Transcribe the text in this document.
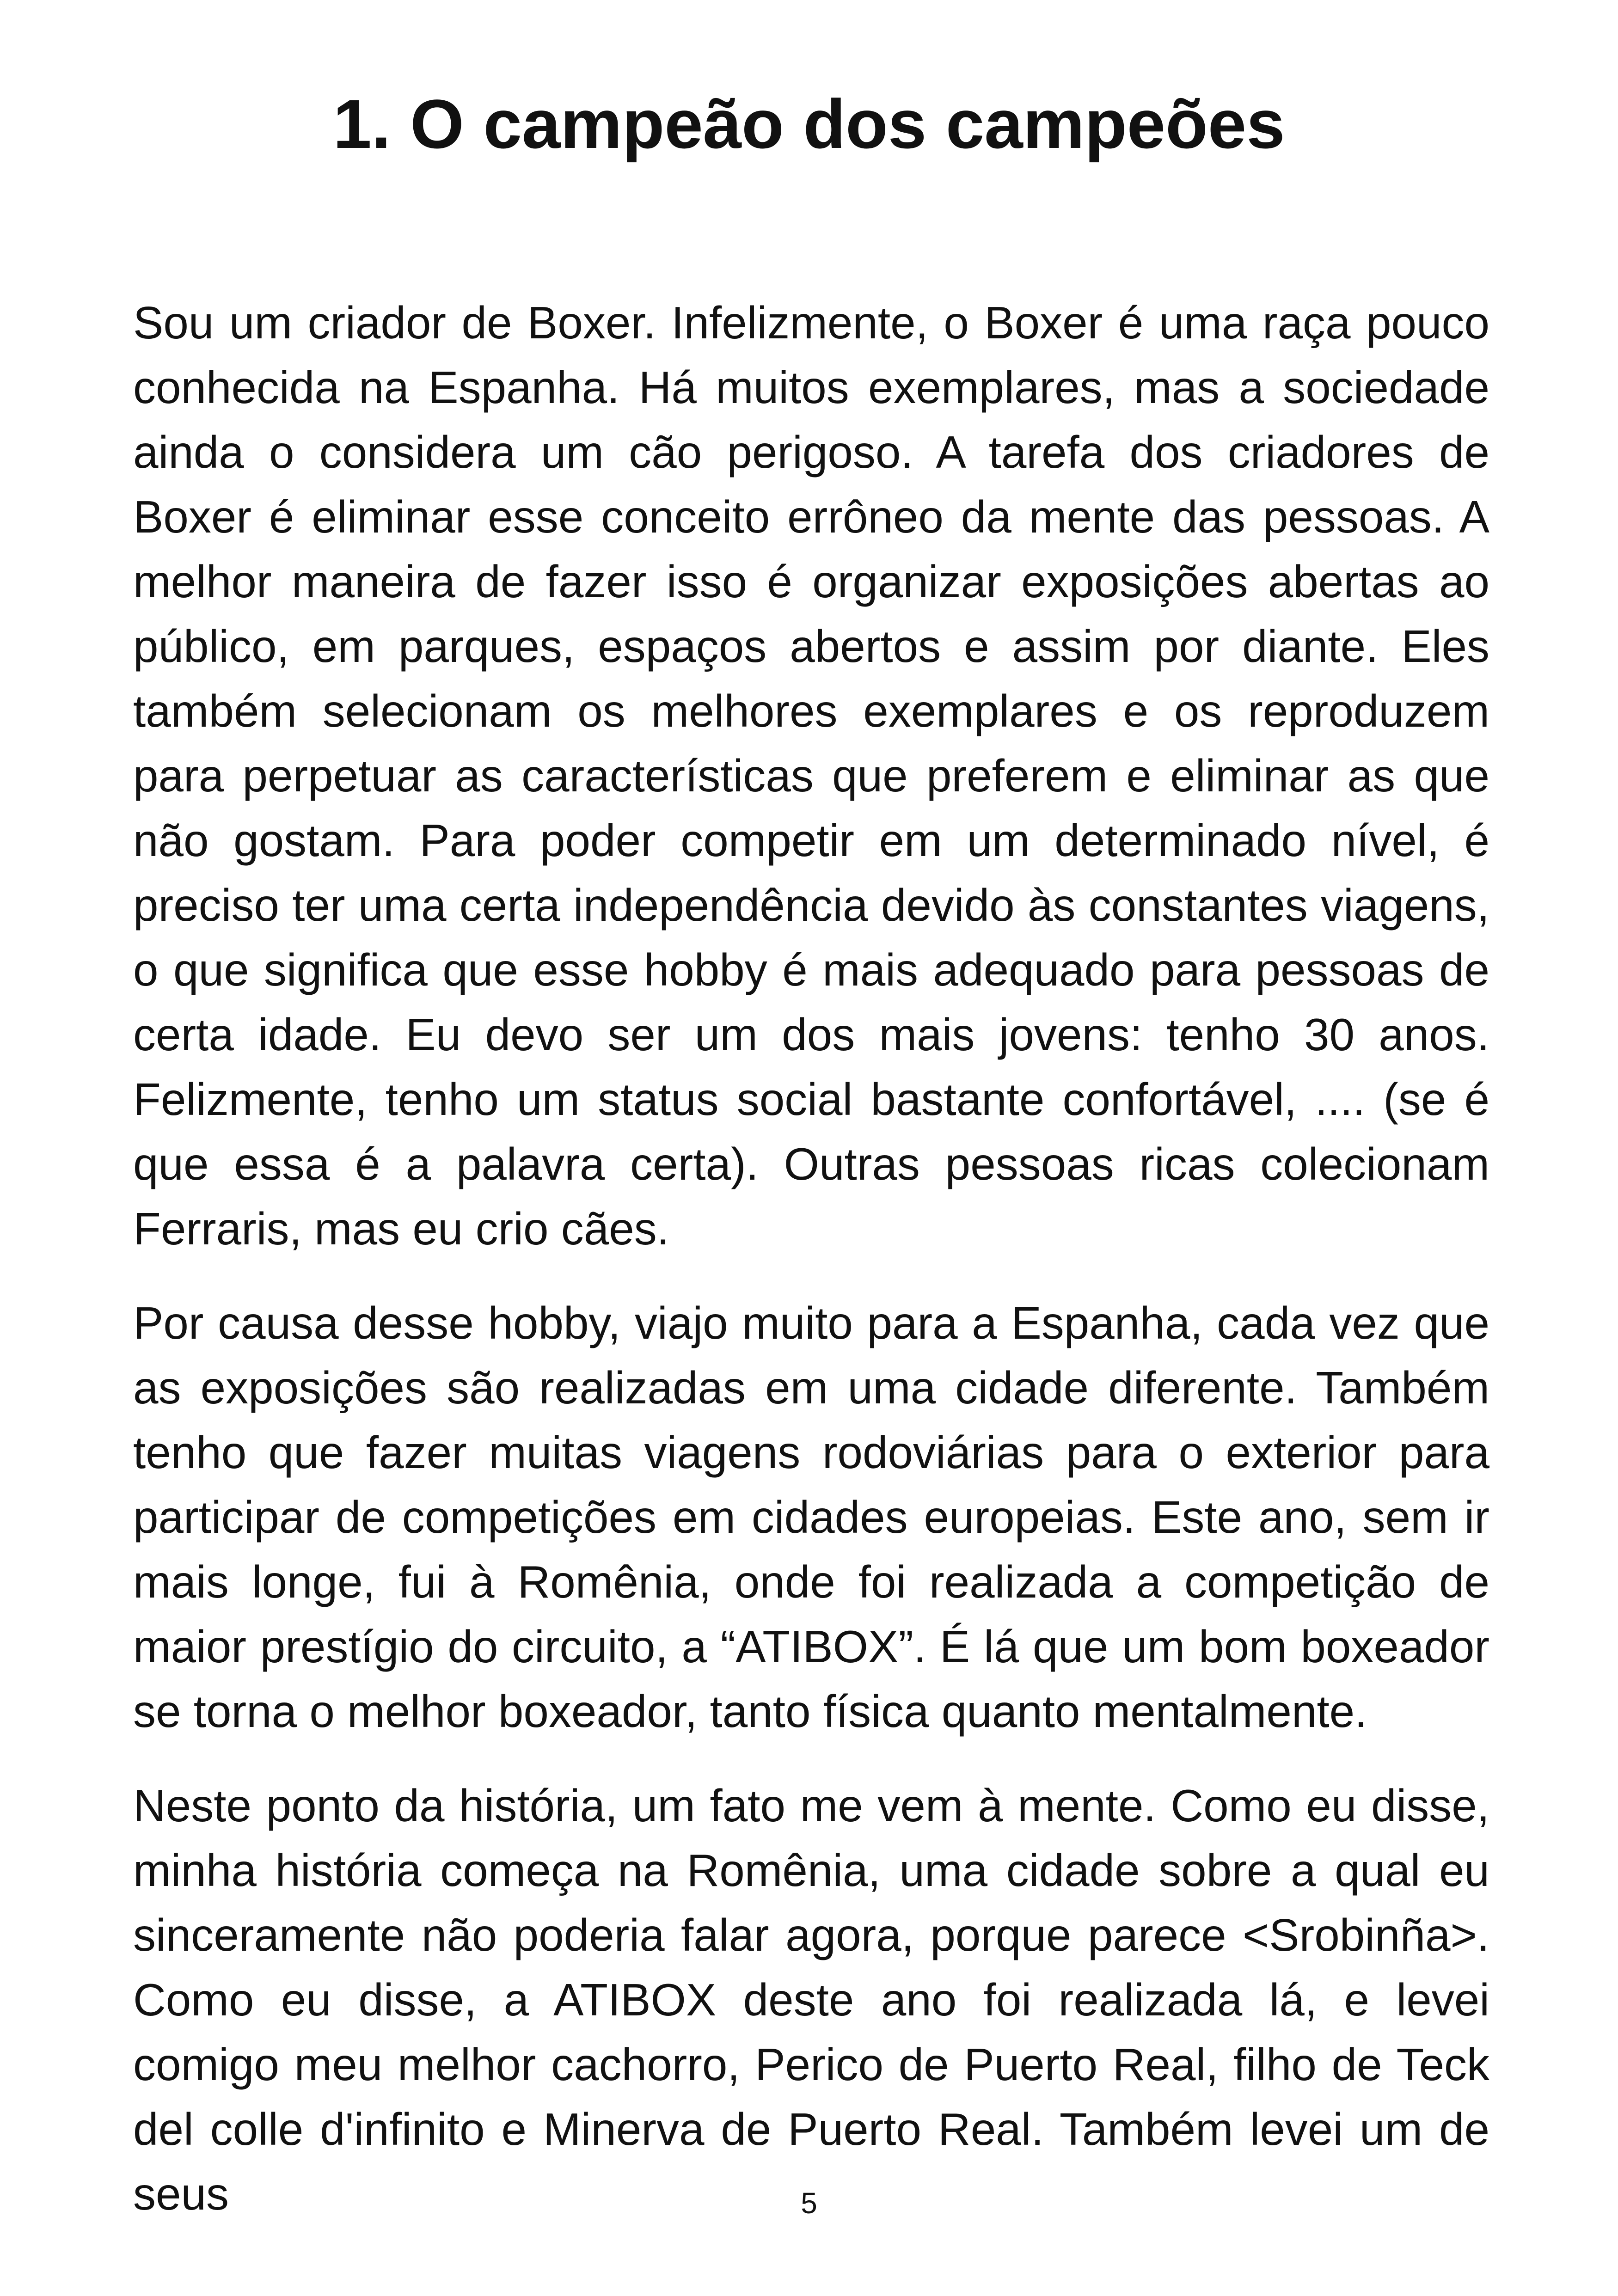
1. O campeão dos campeões

Sou um criador de Boxer. Infelizmente, o Boxer é uma raça pouco conhecida na Espanha. Há muitos exemplares, mas a sociedade ainda o considera um cão perigoso. A tarefa dos criadores de Boxer é eliminar esse conceito errôneo da mente das pessoas. A melhor maneira de fazer isso é organizar exposições abertas ao público, em parques, espaços abertos e assim por diante. Eles também selecionam os melhores exemplares e os reproduzem para perpetuar as características que preferem e eliminar as que não gostam. Para poder competir em um determinado nível, é preciso ter uma certa independência devido às constantes viagens, o que significa que esse hobby é mais adequado para pessoas de certa idade. Eu devo ser um dos mais jovens: tenho 30 anos. Felizmente, tenho um status social bastante confortável, .... (se é que essa é a palavra certa). Outras pessoas ricas colecionam Ferraris, mas eu crio cães.

Por causa desse hobby, viajo muito para a Espanha, cada vez que as exposições são realizadas em uma cidade diferente. Também tenho que fazer muitas viagens rodoviárias para o exterior para participar de competições em cidades europeias. Este ano, sem ir mais longe, fui à Romênia, onde foi realizada a competição de maior prestígio do circuito, a “ATIBOX”. É lá que um bom boxeador se torna o melhor boxeador, tanto física quanto mentalmente.

Neste ponto da história, um fato me vem à mente. Como eu disse, minha história começa na Romênia, uma cidade sobre a qual eu sinceramente não poderia falar agora, porque parece <Srobinña>. Como eu disse, a ATIBOX deste ano foi realizada lá, e levei comigo meu melhor cachorro, Perico de Puerto Real, filho de Teck del colle d'infinito e Minerva de Puerto Real. Também levei um de seus	5
